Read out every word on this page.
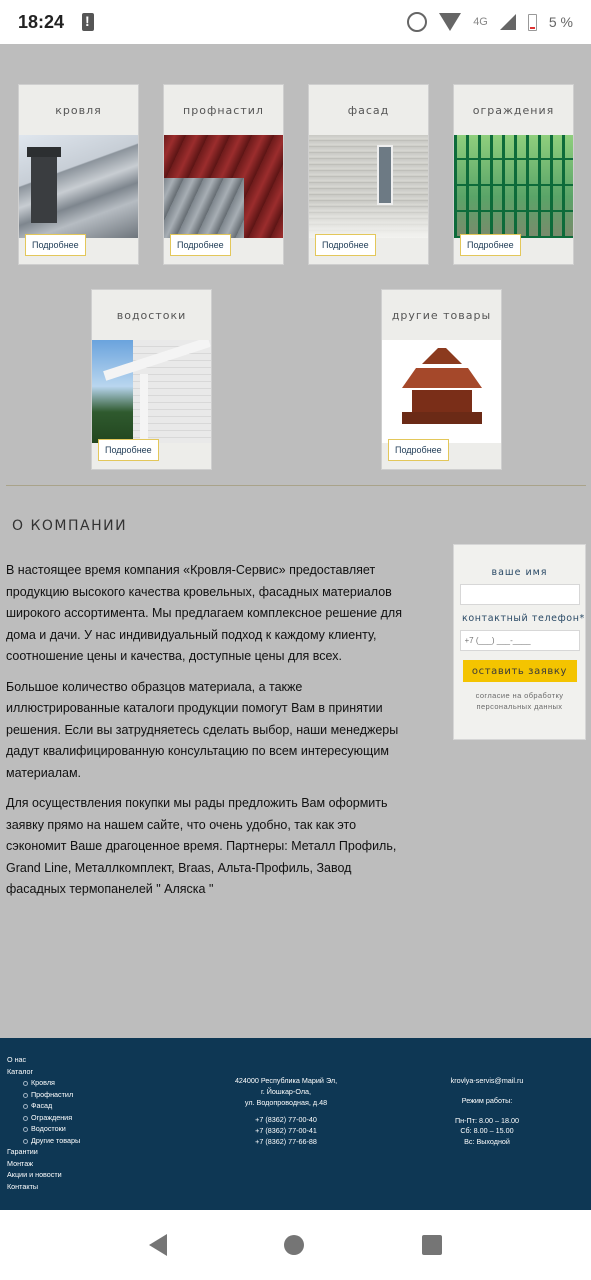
18:24
!	4G	5 %
кровля
Подробнее
профнастил
Подробнее
фасад
Подробнее
ограждения
Подробнее
водостоки
Подробнее
другие товары
Подробнее
О КОМПАНИИ

В настоящее время компания «Кровля-Сервис» предоставляет продукцию высокого качества кровельных, фасадных материалов широкого ассортимента. Мы предлагаем комплексное решение для дома и дачи. У нас индивидуальный подход к каждому клиенту, соотношение цены и качества, доступные цены для всех.

Большое количество образцов материала, а также иллюстрированные каталоги продукции помогут Вам в принятии решения. Если вы затрудняетесь сделать выбор, наши менеджеры дадут квалифицированную консультацию по всем интересующим материалам.

Для осуществления покупки мы рады предложить Вам оформить заявку прямо на нашем сайте, что очень удобно, так как это сэкономит Ваше драгоценное время. Партнеры: Металл Профиль, Grand Line, Металлкомплект, Braas, Альта-Профиль, Завод фасадных термопанелей " Аляска "

ваше имя
контактный телефон*
+7 (___) ___-____
оставить заявку
согласие на обработку персональных данных
О нас
Каталог
Кровля
Профнастил
Фасад
Ограждения
Водостоки
Другие товары
Гарантии
Монтаж
Акции и новости
Контакты
424000 Республика Марий Эл,
г. Йошкар-Ола,
ул. Водопроводная, д.48
+7 (8362) 77-00-40
+7 (8362) 77-00-41
+7 (8362) 77-66-88
krovlya-servis@mail.ru
Режим работы:
Пн-Пт: 8.00 – 18.00
Сб: 8.00 – 15.00
Вс: Выходной
